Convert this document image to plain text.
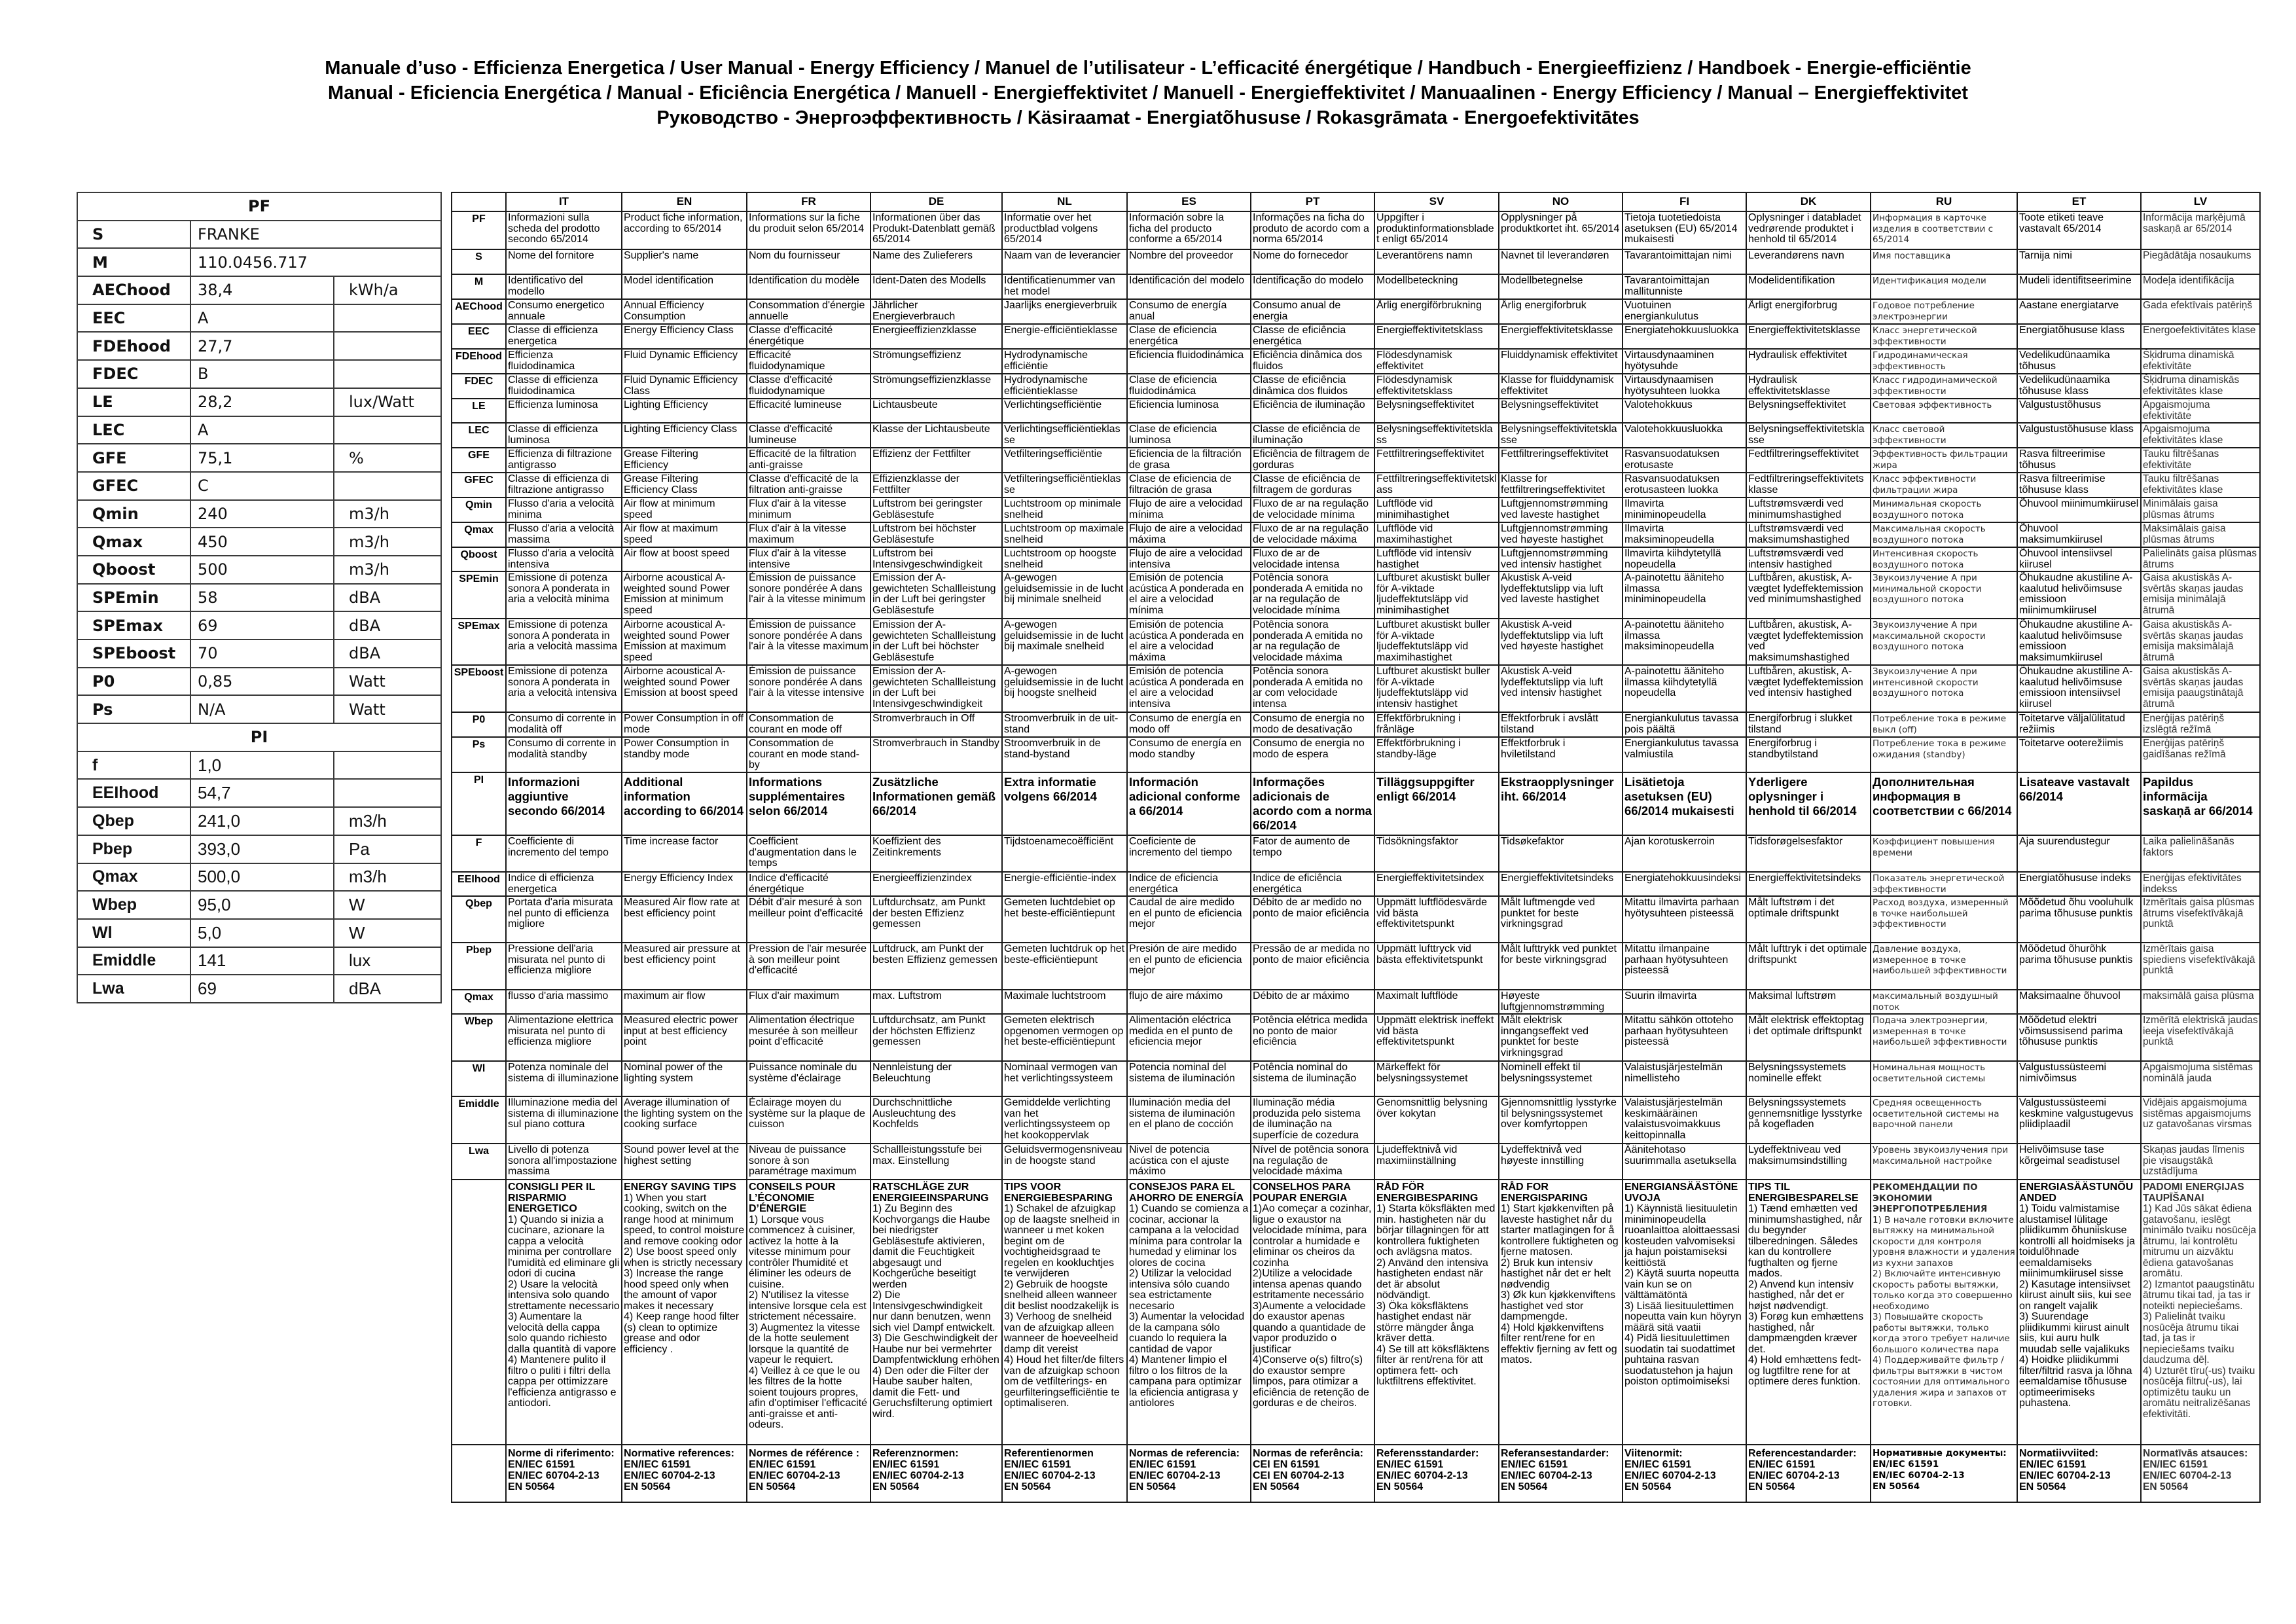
Manuale d’uso - Efficienza Energetica / User Manual - Energy Efficiency / Manuel de l’utilisateur - L’efficacité énergétique / Handbuch - Energieeffizienz / Handboek - Energie-efficiëntie
Manual - Eficiencia Energética / Manual - Eficiência Energética / Manuell - Energieffektivitet / Manuell - Energieffektivitet / Manuaalinen - Energy Efficiency / Manual – Energieffektivitet
Руководство - Энергоэффективность / Käsiraamat - Energiatõhususe / Rokasgrāmata - Energoefektivitātes
PF
S	FRANKE
M	110.0456.717
AEChood	38,4	kWh/a
EEC	A
FDEhood	27,7
FDEC	B
LE	28,2	lux/Watt
LEC	A
GFE	75,1	%
GFEC	C
Qmin	240	m3/h
Qmax	450	m3/h
Qboost	500	m3/h
SPEmin	58	dBA
SPEmax	69	dBA
SPEboost	70	dBA
P0	0,85	Watt
Ps	N/A	Watt
PI
f	1,0
EEIhood	54,7
Qbep	241,0	m3/h
Pbep	393,0	Pa
Qmax	500,0	m3/h
Wbep	95,0	W
Wl	5,0	W
Emiddle	141	lux
Lwa	69	dBA
IT	EN	FR	DE	NL	ES	PT	SV	NO	FI	DK	RU	ET	LV
PF	Informazioni sulla scheda del prodotto secondo 65/2014
Product fiche information, according to 65/2014
Informations sur la fiche du produit selon 65/2014
Informationen über das Produkt-Datenblatt gemäß 65/2014
Informatie over het productblad volgens 65/2014
Información sobre la ficha del producto conforme a 65/2014
Informações na ficha do produto de acordo com a norma 65/2014
Uppgifter i produktinformationsbladet enligt 65/2014
Opplysninger på produktkortet iht. 65/2014
Tietoja tuotetiedoista asetuksen (EU) 65/2014 mukaisesti
Oplysninger i databladet vedrørende produktet i henhold til 65/2014
Информация в карточке изделия в соответствии с 65/2014
Toote etiketi teave vastavalt 65/2014
Informācija marķējumā saskaņā ar 65/2014
S	Nome del fornitore	Supplier's name	Nom du fournisseur	Name des Zulieferers	Naam van de leverancier Nombre del proveedor	Nome do fornecedor	Leverantörens namn	Navnet til leverandøren	Tavarantoimittajan nimi	Leverandørens navn	Имя поставщика	Tarnija nimi	Piegādātāja nosaukums
M	Identificativo del modello
Model identification	Identification du modèle	Ident-Daten des Modells	Identificatienummer van het model
Identificación del modelo Identificação do modelo	Modellbeteckning	Modellbetegnelse	Tavarantoimittajan mallitunniste
Modelidentifikation	Идентификация модели	Mudeli identifitseerimine	Modeļa identifikācija
AEChood Consumo energetico annuale
Annual Efficiency Consumption
Consommation d'énergie annuelle
Jährlicher Energieverbrauch
Jaarlijks energieverbruik	Consumo de energía anual
Consumo anual de energia
Årlig energiförbrukning	Årlig energiforbruk	Vuotuinen energiankulutus
Årligt energiforbrug	Годовое потребление электроэнергии
Aastane energiatarve	Gada efektīvais patēriņš
EEC	Classe di efficienza energetica
Energy Efficiency Class	Classe d'efficacité énergétique
Energieeffizienzklasse	Energie-efficiëntieklasse	Clase de eficiencia energética
Classe de eficiência energética
Energieffektivitetsklass	Energieffektivitetsklasse	Energiatehokkuusluokka Energieffektivitetsklasse	Класс энергетической эффективности
Energiatõhususe klass	Energoefektivitātes klase
FDEhood Efficienza fluidodinamica
Fluid Dynamic Efficiency	Efficacité fluidodynamique
Strömungseffizienz	Hydrodynamische efficiëntie
Eficiencia fluidodinámica Eficiência dinâmica dos fluidos
Flödesdynamisk effektivitet
Fluiddynamisk effektivitet Virtausdynaaminen hyötysuhde
Hydraulisk effektivitet	Гидродинамическая эффективность
Vedelikudünaamika tõhusus
Šķidruma dinamiskā efektivitāte
FDEC	Classe di efficienza fluidodinamica
Fluid Dynamic Efficiency Class
Classe d'efficacité fluidodynamique
Strömungseffizienzklasse	Hydrodynamische efficiëntieklasse
Clase de eficiencia fluidodinámica
Classe de eficiência dinâmica dos fluidos
Flödesdynamisk effektivitetsklass
Klasse for fluiddynamisk effektivitet
Virtausdynaamisen hyötysuhteen luokka
Hydraulisk effektivitetsklasse
Класс гидродинамической эффективности
Vedelikudünaamika tõhususe klass
Šķidruma dinamiskās efektivitātes klase
LE	Efficienza luminosa	Lighting Efficiency	Efficacité lumineuse	Lichtausbeute	Verlichtingsefficiëntie	Eficiencia luminosa	Eficiência de iluminação	Belysningseffektivitet	Belysningseffektivitet	Valotehokkuus	Belysningseffektivitet	Световая эффективность	Valgustustõhusus	Apgaismojuma efektivitāte
LEC	Classe di efficienza luminosa
Lighting Efficiency Class	Classe d'efficacité lumineuse
Klasse der Lichtausbeute	Verlichtingsefficiëntieklasse
Clase de eficiencia luminosa
Classe de eficiência de iluminação
Belysningseffektivitetsklass
Belysningseffektivitetsklasse
Valotehokkuusluokka	Belysningseffektivitetsklasse
Класс световой эффективности
Valgustustõhususe klass Apgaismojuma efektivitātes klase
GFE	Efficienza di filtrazione antigrasso
Grease Filtering Efficiency
Efficacité de la filtration anti-graisse
Effizienz der Fettfilter	Vetfilteringsefficiëntie	Eficiencia de la filtración de grasa
Eficiência de filtragem de gorduras
Fettfiltreringseffektivitet	Fettfiltreringseffektivitet	Rasvansuodatuksen erotusaste
Fedtfiltreringseffektivitet	Эффективность фильтрации жира
Rasva filtreerimise tõhusus
Tauku filtrēšanas efektivitāte
GFEC	Classe di efficienza di filtrazione antigrasso
Grease Filtering Efficiency Class
Classe d'efficacité de la filtration anti-graisse
Effizienzklasse der Fettfilter
Vetfilteringsefficiëntieklasse
Clase de eficiencia de filtración de grasa
Classe de eficiência de filtragem de gorduras
Fettfiltreringseffektivitetsklass
Klasse for fettfiltreringseffektivitet
Rasvansuodatuksen erotusasteen luokka
Fedtfiltreringseffektivitetsklasse
Класс эффективности фильтрации жира
Rasva filtreerimise tõhususe klass
Tauku filtrēšanas efektivitātes klase
Qmin	Flusso d'aria a velocità minima
Air flow at minimum speed
Flux d'air à la vitesse minimum
Luftstrom bei geringster Gebläsestufe
Luchtstroom op minimale snelheid
Flujo de aire a velocidad mínima
Fluxo de ar na regulação de velocidade mínima
Luftflöde vid minimihastighet
Luftgjennomstrømming ved laveste hastighet
Ilmavirta miniminopeudella
Luftstrømsværdi ved minimumshastighed
Минимальная скорость воздушного потока
Õhuvool miinimumkiirusel Minimālais gaisa plūsmas ātrums
Qmax	Flusso d'aria a velocità massima
Air flow at maximum speed
Flux d'air à la vitesse maximum
Luftstrom bei höchster Gebläsestufe
Luchtstroom op maximale snelheid
Flujo de aire a velocidad máxima
Fluxo de ar na regulação de velocidade máxima
Luftflöde vid maximihastighet
Luftgjennomstrømming ved høyeste hastighet
Ilmavirta maksiminopeudella
Luftstrømsværdi ved maksimumshastighed
Максимальная скорость воздушного потока
Õhuvool maksimumkiirusel
Maksimālais gaisa plūsmas ātrums
Qboost	Flusso d'aria a velocità intensiva
Air flow at boost speed	Flux d'air à la vitesse intensive
Luftstrom bei Intensivgeschwindigkeit
Luchtstroom op hoogste snelheid
Flujo de aire a velocidad intensiva
Fluxo de ar de velocidade intensa
Luftflöde vid intensiv hastighet
Luftgjennomstrømming ved intensiv hastighet
Ilmavirta kiihdytetyllä nopeudella
Luftstrømsværdi ved intensiv hastighed
Интенсивная скорость воздушного потока
Õhuvool intensiivsel kiirusel
Palielināts gaisa plūsmas ātrums
SPEmin Emissione di potenza sonora A ponderata in aria a velocità minima
Airborne acoustical A-weighted sound Power Emission at minimum speed
Émission de puissance sonore pondérée A dans l'air à la vitesse minimum
Emission der A-gewichteten Schallleistung in der Luft bei geringster Gebläsestufe
A-gewogen geluidsemissie in de lucht bij minimale snelheid
Emisión de potencia acústica A ponderada en el aire a velocidad mínima
Potência sonora ponderada A emitida no ar na regulação de velocidade mínima
Luftburet akustiskt buller för A-viktade ljudeffektutsläpp vid minimihastighet
Akustisk A-veid lydeffektutslipp via luft ved laveste hastighet
A-painotettu ääniteho ilmassa miniminopeudella
Luftbåren, akustisk, A-vægtet lydeffektemission ved minimumshastighed
Звукоизлучение А при минимальной скорости воздушного потока
Õhukaudne akustiline A-kaalutud helivõimsuse emissioon miinimumkiirusel
Gaisa akustiskās A-svērtās skaņas jaudas emisija minimālajā ātrumā
SPEmax Emissione di potenza sonora A ponderata in aria a velocità massima
Airborne acoustical A-weighted sound Power Emission at maximum speed
Émission de puissance sonore pondérée A dans l'air à la vitesse maximum
Emission der A-gewichteten Schallleistung in der Luft bei höchster Gebläsestufe
A-gewogen geluidsemissie in de lucht bij maximale snelheid
Emisión de potencia acústica A ponderada en el aire a velocidad máxima
Potência sonora ponderada A emitida no ar na regulação de velocidade máxima
Luftburet akustiskt buller för A-viktade ljudeffektutsläpp vid maximihastighet
Akustisk A-veid lydeffektutslipp via luft ved høyeste hastighet
A-painotettu ääniteho ilmassa maksiminopeudella
Luftbåren, akustisk, A-vægtet lydeffektemission ved maksimumshastighed
Звукоизлучение А при максимальной скорости воздушного потока
Õhukaudne akustiline A-kaalutud helivõimsuse emissioon maksimumkiirusel
Gaisa akustiskās A-svērtās skaņas jaudas emisija maksimālajā ātrumā
SPEboost Emissione di potenza sonora A ponderata in aria a velocità intensiva
Airborne acoustical A-weighted sound Power Emission at boost speed
Émission de puissance sonore pondérée A dans l'air à la vitesse intensive
Emission der A-gewichteten Schallleistung in der Luft bei Intensivgeschwindigkeit
A-gewogen geluidsemissie in de lucht bij hoogste snelheid
Emisión de potencia acústica A ponderada en el aire a velocidad intensiva
Potência sonora ponderada A emitida no ar com velocidade intensa
Luftburet akustiskt buller för A-viktade ljudeffektutsläpp vid intensiv hastighet
Akustisk A-veid lydeffektutslipp via luft ved intensiv hastighet
A-painotettu ääniteho ilmassa kiihdytetyllä nopeudella
Luftbåren, akustisk, A-vægtet lydeffektemission ved intensiv hastighed
Звукоизлучение А при интенсивной скорости воздушного потока
Õhukaudne akustiline A-kaalutud helivõimsuse emissioon intensiivsel kiirusel
Gaisa akustiskās A-svērtās skaņas jaudas emisija paaugstinātajā ātrumā
P0	Consumo di corrente in modalità off
Power Consumption in off mode
Consommation de courant en mode off
Stromverbrauch in Off	Stroomverbruik in de uit-stand
Consumo de energía en modo off
Consumo de energia no modo de desativação
Effektförbrukning i frånläge
Effektforbruk i avslått tilstand
Energiankulutus tavassa pois päältä
Energiforbrug i slukket tilstand
Потребление тока в режиме выкл (off)
Toitetarve väljalülitatud režiimis
Enerģijas patēriņš izslēgtā režīmā
Ps	Consumo di corrente in modalità standby
Power Consumption in standby mode
Consommation de courant en mode stand-by
Stromverbrauch in Standby Stroomverbruik in de stand-bystand
Consumo de energía en modo standby
Consumo de energia no modo de espera
Effektförbrukning i standby-läge
Effektforbruk i hviletilstand
Energiankulutus tavassa valmiustila
Energiforbrug i standbytilstand
Потребление тока в режиме ожидания (standby)
Toitetarve ooterežiimis	Enerģijas patēriņš gaidīšanas režīmā
PI	Informazioni aggiuntive secondo 66/2014
Additional information according to 66/2014
Informations supplémentaires selon 66/2014
Zusätzliche Informationen gemäß 66/2014
Extra informatie volgens 66/2014
Información adicional conforme a 66/2014
Informações adicionais de acordo com a norma 66/2014
Tilläggsuppgifter enligt 66/2014
Ekstraopplysninger iht. 66/2014
Lisätietoja asetuksen (EU) 66/2014 mukaisesti
Yderligere oplysninger i henhold til 66/2014
Дополнительная информация в соответствии с 66/2014
Lisateave vastavalt 66/2014
Papildus informācija saskaņā ar 66/2014
F	Coefficiente di incremento del tempo
Time increase factor	Coefficient d'augmentation dans le temps
Koeffizient des Zeitinkrements
Tijdstoenamecoëfficiënt	Coeficiente de incremento del tiempo
Fator de aumento de tempo
Tidsökningsfaktor	Tidsøkefaktor	Ajan korotuskerroin	Tidsforøgelsesfaktor	Коэффициент повышения времени
Aja suurendustegur	Laika palielināšanās faktors
EEIhood Indice di efficienza energetica
Energy Efficiency Index	Indice d'efficacité énergétique
Energieeffizienzindex	Energie-efficiëntie-index	Indice de eficiencia energética
Indice de eficiência energética
Energieffektivitetsindex	Energieffektivitetsindeks	Energiatehokkuusindeksi Energieffektivitetsindeks	Показатель энергетической эффективности
Energiatõhususe indeks	Enerģijas efektivitātes indekss
Qbep	Portata d'aria misurata nel punto di efficienza migliore
Measured Air flow rate at best efficiency point
Débit d'air mesuré à son meilleur point d'efficacité
Luftdurchsatz, am Punkt der besten Effizienz gemessen
Gemeten luchtdebiet op het beste-efficiëntiepunt
Caudal de aire medido en el punto de eficiencia mejor
Débito de ar medido no ponto de maior eficiência
Uppmätt luftflödesvärde vid bästa effektivitetspunkt
Målt luftmengde ved punktet for beste virkningsgrad
Mitattu ilmavirta parhaan hyötysuhteen pisteessä
Målt luftstrøm i det optimale driftspunkt
Расход воздуха, измеренный в точке наибольшей эффективности
Mõõdetud õhu vooluhulk parima tõhususe punktis
Izmērītais gaisa plūsmas ātrums visefektīvākajā punktā
Pbep	Pressione dell'aria misurata nel punto di efficienza migliore
Measured air pressure at best efficiency point
Pression de l'air mesurée à son meilleur point d'efficacité
Luftdruck, am Punkt der besten Effizienz gemessen
Gemeten luchtdruk op het beste-efficiëntiepunt
Presión de aire medido en el punto de eficiencia mejor
Pressão de ar medida no ponto de maior eficiência
Uppmätt lufttryck vid bästa effektivitetspunkt
Målt lufttrykk ved punktet for beste virkningsgrad
Mitattu ilmanpaine parhaan hyötysuhteen pisteessä
Målt lufttryk i det optimale driftspunkt
Давление воздуха, измеренное в точке наибольшей эффективности
Mõõdetud õhurõhk parima tõhususe punktis
Izmērītais gaisa spiediens visefektīvākajā punktā
Qmax	flusso d'aria massimo	maximum air flow	Flux d'air maximum	max. Luftstrom	Maximale luchtstroom	flujo de aire máximo	Débito de ar máximo	Maximalt luftflöde	Høyeste luftgjennomstrømming
Suurin ilmavirta	Maksimal luftstrøm	максимальный воздушный поток
Maksimaalne õhuvool	maksimālā gaisa plūsma
Wbep	Alimentazione elettrica misurata nel punto di efficienza migliore
Measured electric power input at best efficiency point
Alimentation électrique mesurée à son meilleur point d'efficacité
Luftdurchsatz, am Punkt der höchsten Effizienz gemessen
Gemeten elektrisch opgenomen vermogen op het beste-efficiëntiepunt
Alimentación eléctrica medida en el punto de eficiencia mejor
Potência elétrica medida no ponto de maior eficiência
Uppmätt elektrisk ineffekt vid bästa effektivitetspunkt
Målt elektrisk inngangseffekt ved punktet for beste virkningsgrad
Mitattu sähkön ottoteho parhaan hyötysuhteen pisteessä
Målt elektrisk effektoptag i det optimale driftspunkt
Подача электроэнергии, измеренная в точке наибольшей эффективности
Mõõdetud elektri võimsussisend parima tõhususe punktis
Izmērītā elektriskā jaudas ieeja visefektīvākajā punktā
Wl	Potenza nominale del sistema di illuminazione
Nominal power of the lighting system
Puissance nominale du système d'éclairage
Nennleistung der Beleuchtung
Nominaal vermogen van het verlichtingssysteem
Potencia nominal del sistema de iluminación
Potência nominal do sistema de iluminação
Märkeffekt för belysningssystemet
Nominell effekt til belysningssystemet
Valaistusjärjestelmän nimellisteho
Belysningssystemets nominelle effekt
Номинальная мощность осветительной системы
Valgustussüsteemi nimivõimsus
Apgaismojuma sistēmas nominālā jauda
Emiddle Illuminazione media del sistema di illuminazione sul piano cottura
Average illumination of the lighting system on the cooking surface
Éclairage moyen du système sur la plaque de cuisson
Durchschnittliche Ausleuchtung des Kochfelds
Gemiddelde verlichting van het verlichtingssysteem op het kookoppervlak
Iluminación media del sistema de iluminación en el plano de cocción
Iluminação média produzida pelo sistema de iluminação na superfície de cozedura
Genomsnittlig belysning över kokytan
Gjennomsnittlig lysstyrke til belysningssystemet over komfyrtoppen
Valaistusjärjestelmän keskimääräinen valaistusvoimakkuus keittopinnalla
Belysningssystemets gennemsnitlige lysstyrke på kogefladen
Средняя освещенность осветительной системы на варочной панели
Valgustussüsteemi keskmine valgustugevus pliidiplaadil
Vidējais apgaismojuma sistēmas apgaismojums uz gatavošanas virsmas
Lwa	Livello di potenza sonora all'impostazione massima
Sound power level at the highest setting
Niveau de puissance sonore à son paramétrage maximum
Schallleistungsstufe bei max. Einstellung
Geluidsvermogensniveau in de hoogste stand
Nivel de potencia acústica con el ajuste máximo
Nível de potência sonora na regulação de velocidade máxima
Ljudeffektnivå vid maximiinställning
Lydeffektnivå ved høyeste innstilling
Äänitehotaso suurimmalla asetuksella
Lydeffektniveau ved maksimumsindstilling
Уровень звукоизлучения при максимальной настройке
Helivõimsuse tase kõrgeimal seadistusel
Skaņas jaudas līmenis pie visaugstākā uzstādījuma
CONSIGLI PER IL RISPARMIO ENERGETICO
1) Quando si inizia a cucinare, azionare la cappa a velocità minima per controllare l'umidità ed eliminare gli odori di cucina
2) Usare la velocità intensiva solo quando strettamente necessario
3) Aumentare la velocità della cappa solo quando richiesto dalla quantità di vapore
4) Mantenere pulito il filtro o puliti i filtri della cappa per ottimizzare l'efficienza antigrasso e antiodori.
ENERGY SAVING TIPS
1) When you start cooking, switch on the range hood at minimum speed, to control moisture and remove cooking odor
2) Use boost speed only when is strictly necessary
3) Increase the range hood speed only when the amount of vapor makes it necessary
4) Keep range hood filter (s) clean to optimize grease and odor efficiency .
CONSEILS POUR L’ÉCONOMIE D’ÉNERGIE
1) Lorsque vous commencez à cuisiner, activez la hotte à la vitesse minimum pour contrôler l'humidité et éliminer les odeurs de cuisine.
2) N'utilisez la vitesse intensive lorsque cela est strictement nécessaire.
3) Augmentez la vitesse de la hotte seulement lorsque la quantité de vapeur le requiert.
4) Veillez à ce que le ou les filtres de la hotte soient toujours propres, afin d'optimiser l'efficacité anti-graisse et anti-odeurs.
RATSCHLÄGE ZUR ENERGIEEINSPARUNG
1) Zu Beginn des Kochvorgangs die Haube bei niedrigster Gebläsestufe aktivieren, damit die Feuchtigkeit abgesaugt und Kochgerüche beseitigt werden
2) Die Intensivgeschwindigkeit nur dann benutzen, wenn sich viel Dampf entwickelt.
3) Die Geschwindigkeit der Haube nur bei vermehrter Dampfentwicklung erhöhen
4) Den oder die Filter der Haube sauber halten, damit die Fett- und Geruchsfilterung optimiert wird.
TIPS VOOR ENERGIEBESPARING
1) Schakel de afzuigkap op de laagste snelheid in wanneer u met koken begint om de vochtigheidsgraad te regelen en kookluchtjes te verwijderen
2) Gebruik de hoogste snelheid alleen wanneer dit beslist noodzakelijk is
3) Verhoog de snelheid van de afzuigkap alleen wanneer de hoeveelheid damp dit vereist
4) Houd het filter/de filters van de afzuigkap schoon om de vetfilterings- en geurfilteringsefficiëntie te optimaliseren.
CONSEJOS PARA EL AHORRO DE ENERGÍA
1) Cuando se comienza a cocinar, accionar la campana a la velocidad mínima para controlar la humedad y eliminar los olores de cocina
2) Utilizar la velocidad intensiva sólo cuando sea estrictamente necesario
3) Aumentar la velocidad de la campana sólo cuando lo requiera la cantidad de vapor
4) Mantener limpio el filtro o los filtros de la campana para optimizar la eficiencia antigrasa y antiolores
CONSELHOS PARA POUPAR ENERGIA
1)Ao começar a cozinhar, ligue o exaustor na velocidade mínima, para controlar a humidade e eliminar os cheiros da cozinha
2)Utilize a velocidade intensa apenas quando estritamente necessário
3)Aumente a velocidade do exaustor apenas quando a quantidade de vapor produzido o justificar
4)Conserve o(s) filtro(s) do exaustor sempre limpos, para otimizar a eficiência de retenção de gorduras e de cheiros.
RÅD FÖR ENERGIBESPARING
1) Starta köksfläkten med min. hastigheten när du börjar tillagningen för att kontrollera fuktigheten och avlägsna matos.
2) Använd den intensiva hastigheten endast när det är absolut nödvändigt.
3) Öka köksfläktens hastighet endast när större mängder ånga kräver detta.
4) Se till att köksfläktens filter är rent/rena för att optimera fett- och luktfiltrens effektivitet.
RÅD FOR ENERGISPARING
1) Start kjøkkenviften på laveste hastighet når du starter matlagingen for å kontrollere fuktigheten og fjerne matosen.
2) Bruk kun intensiv hastighet når det er helt nødvendig
3) Øk kun kjøkkenviftens hastighet ved stor dampmengde.
4) Hold kjøkkenviftens filter rent/rene for en effektiv fjerning av fett og matos.
ENERGIANSÄÄSTÖNEUVOJA
1) Käynnistä liesituuletin miniminopeudella ruoanlaittoa aloittaessasi kosteuden valvomiseksi ja hajun poistamiseksi keittiöstä
2) Käytä suurta nopeutta vain kun se on välttämätöntä
3) Lisää liesituulettimen nopeutta vain kun höyryn määrä sitä vaatii
4) Pidä liesituulettimen suodatin tai suodattimet puhtaina rasvan suodatustehon ja hajun poiston optimoimiseksi
TIPS TIL ENERGIBESPARELSE
1) Tænd emhætten ved minimumshastighed, når du begynder tilberedningen. Således kan du kontrollere fugthalten og fjerne mados.
2) Anvend kun intensiv hastighed, når det er højst nødvendigt.
3) Forøg kun emhættens hastighed, når dampmængden kræver det.
4) Hold emhættens fedt- og lugtfiltre rene for at optimere deres funktion.
РЕКОМЕНДАЦИИ ПО ЭКОНОМИИ ЭНЕРГОПОТРЕБЛЕНИЯ
1) В начале готовки включите вытяжку на минимальной скорости для контроля уровня влажности и удаления из кухни запахов
2) Включайте интенсивную скорость работы вытяжки, только когда это совершенно необходимо
3) Повышайте скорость работы вытяжки, только когда этого требует наличие большого количества пара
4) Поддерживайте фильтр / фильтры вытяжки в чистом состоянии для оптимального удаления жира и запахов от готовки.
ENERGIASÄÄSTUNÕUANDED
1) Toidu valmistamise alustamisel lülitage pliidikumm õhuniiskuse kontrolli all hoidmiseks ja toidulõhnade eemaldamiseks miinimumkiirusel sisse
2) Kasutage intensiivset kiirust ainult siis, kui see on rangelt vajalik
3) Suurendage pliidikummi kiirust ainult siis, kui auru hulk muudab selle vajalikuks
4) Hoidke pliidikummi filter/filtrid rasva ja lõhna eemaldamise tõhususe optimeerimiseks puhastena.
PADOMI ENERĢIJAS TAUPĪŠANAI
1) Kad Jūs sākat ēdiena gatavošanu, ieslēgt minimālo tvaiku nosūcēja ātrumu, lai kontrolētu mitrumu un aizvāktu ēdiena gatavošanas aromātu.
2) Izmantot paaugstinātu ātrumu tikai tad, ja tas ir noteikti nepieciešams.
3) Palielināt tvaiku nosūcēja ātrumu tikai tad, ja tas ir nepieciešams tvaiku daudzuma dēļ.
4) Uzturēt tīru(-us) tvaiku nosūcēja filtru(-us), lai optimizētu tauku un aromātu neitralizēšanas efektivitāti.
Norme di riferimento:
EN/IEC 61591
EN/IEC 60704-2-13
EN 50564
Normative references:
EN/IEC 61591
EN/IEC 60704-2-13
EN 50564
Normes de référence :
EN/IEC 61591
EN/IEC 60704-2-13
EN 50564
Referenznormen:
EN/IEC 61591
EN/IEC 60704-2-13
EN 50564
Referentienormen
EN/IEC 61591
EN/IEC 60704-2-13
EN 50564
Normas de referencia:
EN/IEC 61591
EN/IEC 60704-2-13
EN 50564
Normas de referência:
CEI EN 61591
CEI EN 60704-2-13
EN 50564
Referensstandarder:
EN/IEC 61591
EN/IEC 60704-2-13
EN 50564
Referansestandarder:
EN/IEC 61591
EN/IEC 60704-2-13
EN 50564
Viitenormit:
EN/IEC 61591
EN/IEC 60704-2-13
EN 50564
Referencestandarder:
EN/IEC 61591
EN/IEC 60704-2-13
EN 50564
Нормативные документы:
EN/IEC 61591
EN/IEC 60704-2-13
EN 50564
Normatiivviited:
EN/IEC 61591
EN/IEC 60704-2-13
EN 50564
Normatīvās atsauces:
EN/IEC 61591
EN/IEC 60704-2-13
EN 50564
